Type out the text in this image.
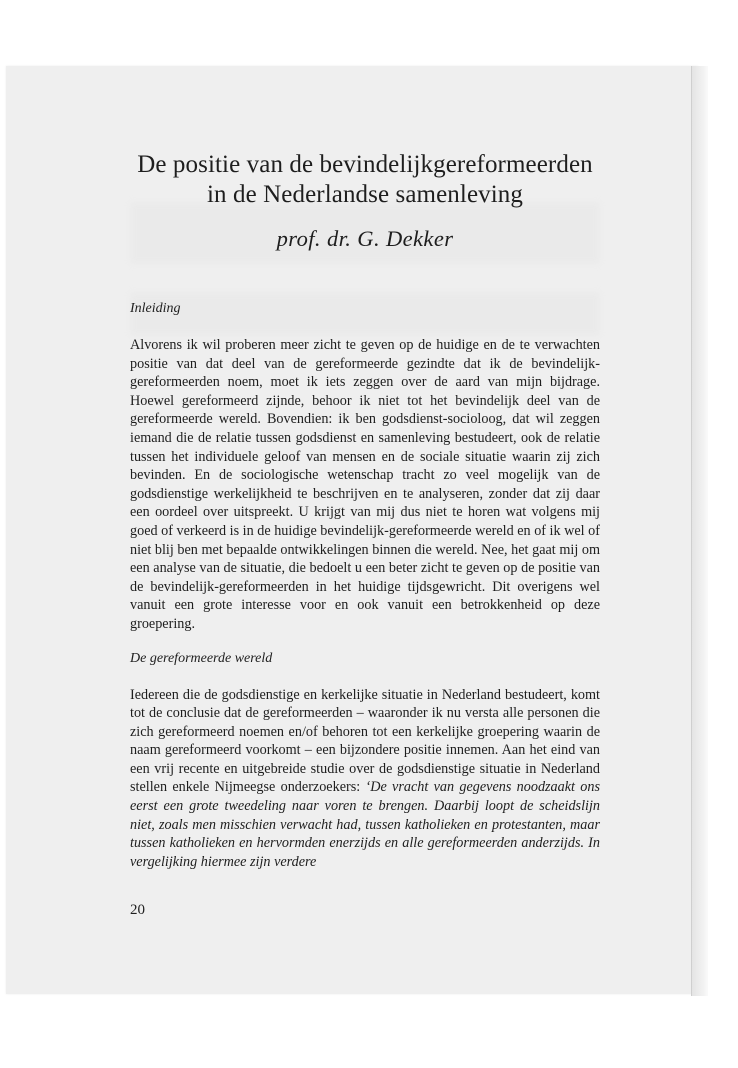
De positie van de bevindelijkgereformeerden
in de Nederlandse samenleving

prof. dr. G. Dekker

Inleiding

Alvorens ik wil proberen meer zicht te geven op de huidige en de te verwachten positie van dat deel van de gereformeerde gezindte dat ik de bevindelijk-gereformeerden noem, moet ik iets zeggen over de aard van mijn bijdrage. Hoewel gereformeerd zijnde, behoor ik niet tot het bevindelijk deel van de gereformeerde wereld. Bovendien: ik ben godsdienst-socioloog, dat wil zeggen iemand die de relatie tussen godsdienst en samenleving bestudeert, ook de relatie tussen het individuele geloof van mensen en de sociale situatie waarin zij zich bevinden. En de sociologische wetenschap tracht zo veel mogelijk van de godsdienstige werkelijkheid te beschrijven en te analyseren, zonder dat zij daar een oordeel over uitspreekt. U krijgt van mij dus niet te horen wat volgens mij goed of verkeerd is in de huidige bevindelijk-gereformeerde wereld en of ik wel of niet blij ben met bepaalde ontwikkelingen binnen die wereld. Nee, het gaat mij om een analyse van de situatie, die bedoelt u een beter zicht te geven op de positie van de bevindelijk-gereformeerden in het huidige tijdsgewricht. Dit overigens wel vanuit een grote interesse voor en ook vanuit een betrokkenheid op deze groepering.

De gereformeerde wereld

Iedereen die de godsdienstige en kerkelijke situatie in Nederland bestudeert, komt tot de conclusie dat de gereformeerden – waaronder ik nu versta alle personen die zich gereformeerd noemen en/of behoren tot een kerkelijke groepering waarin de naam gereformeerd voorkomt – een bijzondere positie innemen. Aan het eind van een vrij recente en uitgebreide studie over de godsdienstige situatie in Nederland stellen enkele Nijmeegse onderzoekers: ‘De vracht van gegevens noodzaakt ons eerst een grote tweedeling naar voren te brengen. Daarbij loopt de scheidslijn niet, zoals men misschien verwacht had, tussen katholieken en protestanten, maar tussen katholieken en hervormden enerzijds en alle gereformeerden anderzijds. In vergelijking hiermee zijn verdere

20
